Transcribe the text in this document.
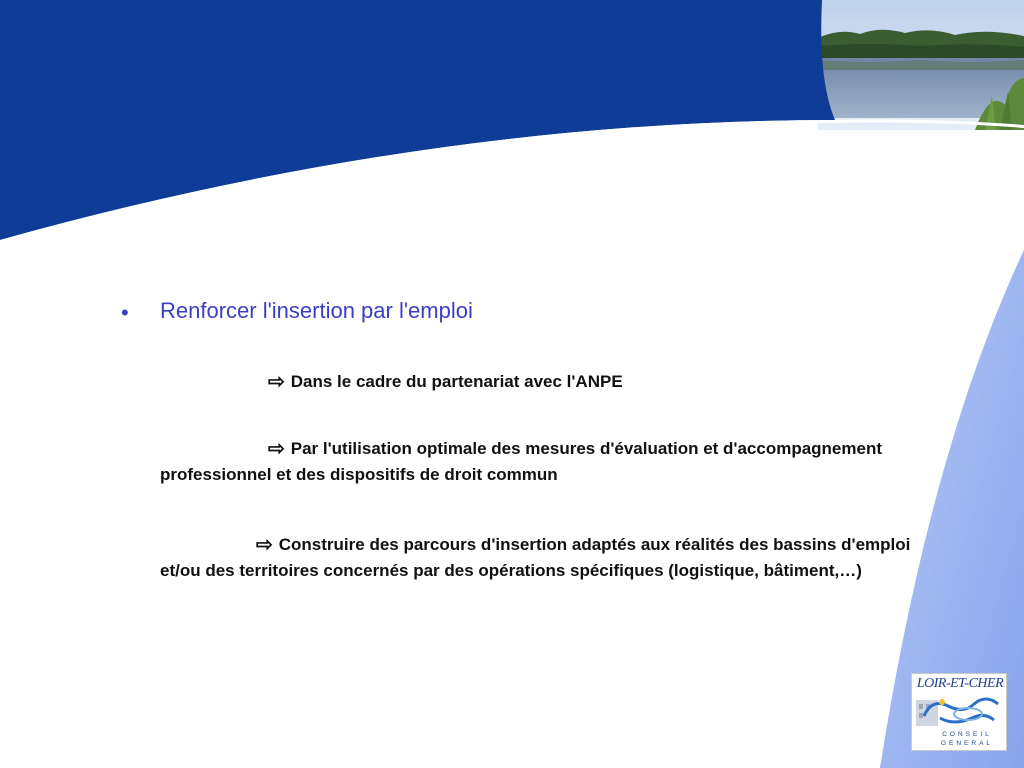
• Renforcer l'insertion par l'emploi
⇨ Dans le cadre du partenariat avec l'ANPE
⇨ Par l'utilisation optimale des mesures d'évaluation et d'accompagnement professionnel et des dispositifs de droit commun
⇨ Construire des parcours d'insertion adaptés aux réalités des bassins d'emploi et/ou des territoires concernés par des opérations spécifiques (logistique, bâtiment,…)
LOIR-ET-CHER
CONSEIL
GENERAL
